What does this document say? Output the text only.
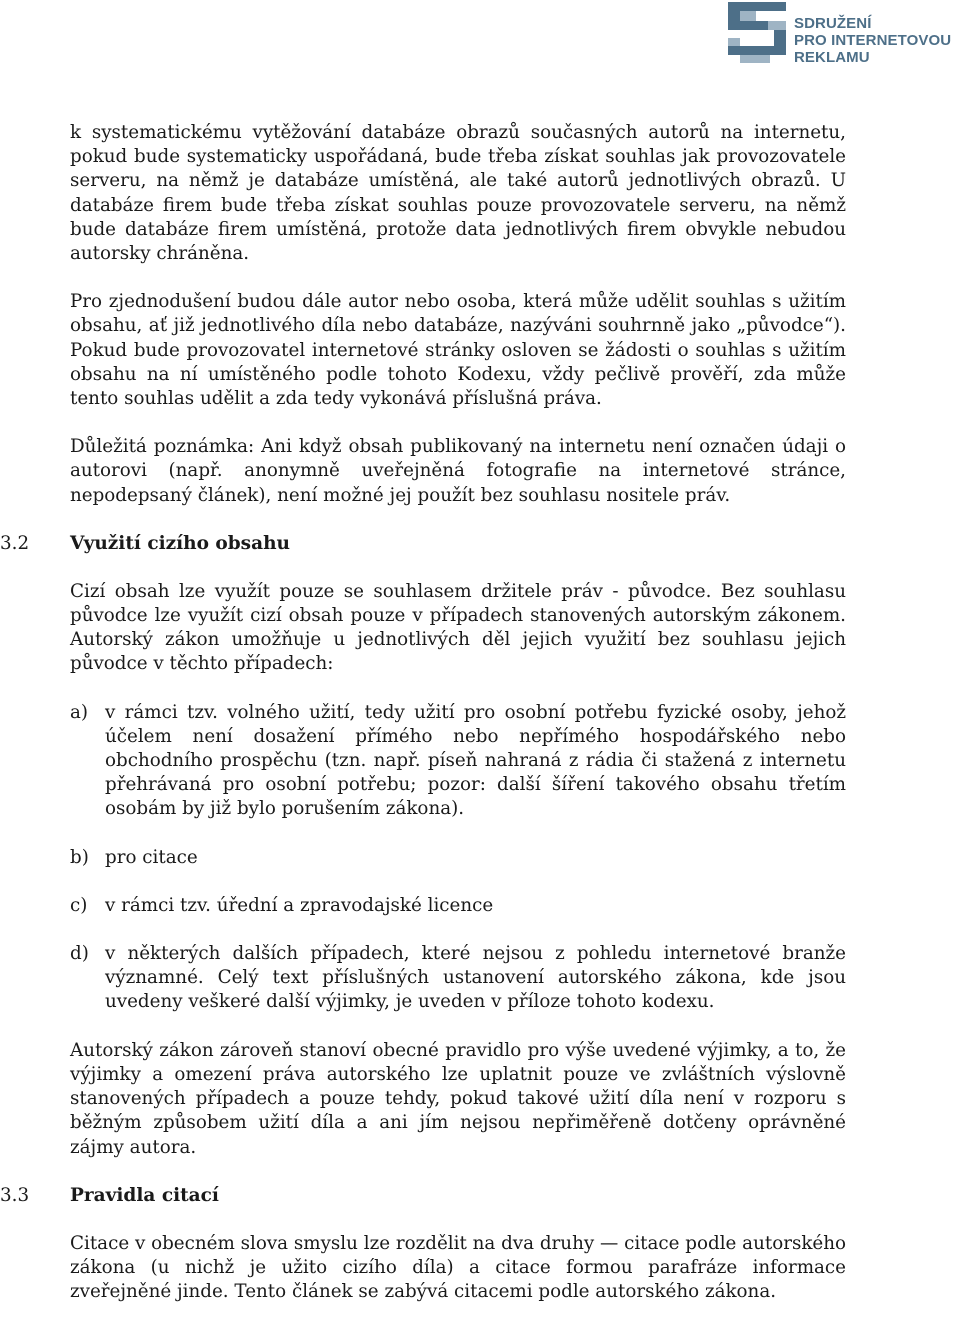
SDRUŽENÍ
PRO INTERNETOVOU
REKLAMU

k systematickému vytěžování databáze obrazů současných autorů na internetu, pokud bude systematicky uspořádaná, bude třeba získat souhlas jak provozovatele serveru, na němž je databáze umístěná, ale také autorů jednotlivých obrazů. U databáze firem bude třeba získat souhlas pouze provozovatele serveru, na němž bude databáze firem umístěná, protože data jednotlivých firem obvykle nebudou autorsky chráněna.

Pro zjednodušení budou dále autor nebo osoba, která může udělit souhlas s užitím obsahu, ať již jednotlivého díla nebo databáze, nazýváni souhrnně jako „původce“). Pokud bude provozovatel internetové stránky osloven se žádosti o souhlas s užitím obsahu na ní umístěného podle tohoto Kodexu, vždy pečlivě prověří, zda může tento souhlas udělit a zda tedy vykonává příslušná práva.

Důležitá poznámka: Ani když obsah publikovaný na internetu není označen údaji o autorovi (např. anonymně uveřejněná fotografie na internetové stránce, nepodepsaný článek), není možné jej použít bez souhlasu nositele práv.

3.2 Využití cizího obsahu

Cizí obsah lze využít pouze se souhlasem držitele práv - původce. Bez souhlasu původce lze využít cizí obsah pouze v případech stanovených autorským zákonem. Autorský zákon umožňuje u jednotlivých děl jejich využití bez souhlasu jejich původce v těchto případech:

a) v rámci tzv. volného užití, tedy užití pro osobní potřebu fyzické osoby, jehož účelem není dosažení přímého nebo nepřímého hospodářského nebo obchodního prospěchu (tzn. např. píseň nahraná z rádia či stažená z internetu přehrávaná pro osobní potřebu; pozor: další šíření takového obsahu třetím osobám by již bylo porušením zákona).

b) pro citace

c) v rámci tzv. úřední a zpravodajské licence

d) v některých dalších případech, které nejsou z pohledu internetové branže významné. Celý text příslušných ustanovení autorského zákona, kde jsou uvedeny veškeré další výjimky, je uveden v příloze tohoto kodexu.

Autorský zákon zároveň stanoví obecné pravidlo pro výše uvedené výjimky, a to, že výjimky a omezení práva autorského lze uplatnit pouze ve zvláštních výslovně stanovených případech a pouze tehdy, pokud takové užití díla není v rozporu s běžným způsobem užití díla a ani jím nejsou nepřiměřeně dotčeny oprávněné zájmy autora.

3.3 Pravidla citací

Citace v obecném slova smyslu lze rozdělit na dva druhy — citace podle autorského zákona (u nichž je užito cizího díla) a citace formou parafráze informace zveřejněné jinde. Tento článek se zabývá citacemi podle autorského zákona.
